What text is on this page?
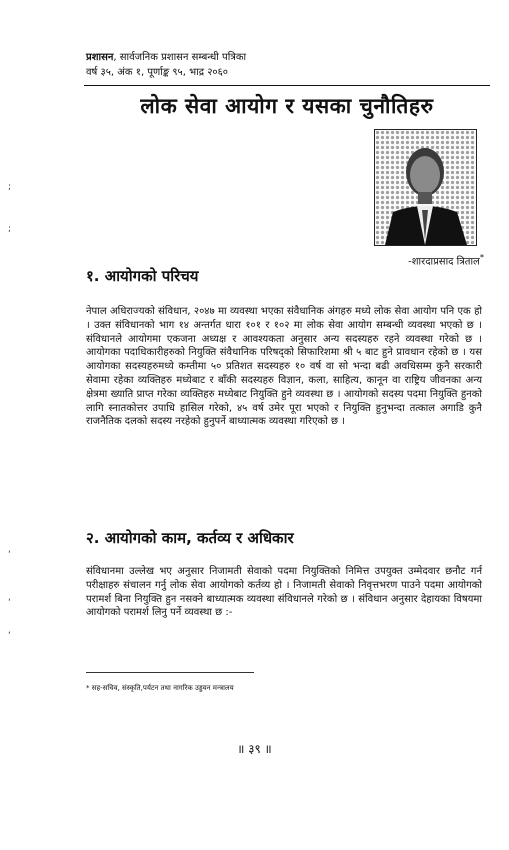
प्रशासन, सार्वजनिक प्रशासन सम्बन्धी पत्रिका
वर्ष ३५, अंक १, पूर्णाङ्क ९५, भाद्र २०६०
लोक सेवा आयोग र यसका चुनौतिहरु
-शारदाप्रसाद त्रिताल*
१. आयोगको परिचय

नेपाल अधिराज्यको संविधान, २०४७ मा व्यवस्था भएका संवैधानिक अंगहरु मध्ये लोक सेवा आयोग पनि एक हो । उक्त संविधानको भाग १४ अन्तर्गत धारा १०१ र १०२ मा लोक सेवा आयोग सम्बन्धी व्यवस्था भएको छ । संविधानले आयोगमा एकजना अध्यक्ष र आवश्यकता अनुसार अन्य सदस्यहरु रहने व्यवस्था गरेको छ । आयोगका पदाधिकारीहरुको नियुक्ति संवैधानिक परिषद्को सिफारिशमा श्री ५ बाट हुने प्रावधान रहेको छ । यस आयोगका सदस्यहरुमध्ये कम्तीमा ५० प्रतिशत सदस्यहरु १० वर्ष वा सो भन्दा बढी अवधिसम्म कुनै सरकारी सेवामा रहेका व्यक्तिहरु मध्येबाट र बाँकी सदस्यहरु विज्ञान, कला, साहित्य, कानून वा राष्ट्रिय जीवनका अन्य क्षेत्रमा ख्याति प्राप्त गरेका व्यक्तिहरु मध्येबाट नियुक्ति हुने व्यवस्था छ । आयोगको सदस्य पदमा नियुक्ति हुनको लागि स्नातकोत्तर उपाधि हासिल गरेको, ४५ वर्ष उमेर पूरा भएको र नियुक्ति हुनुभन्दा तत्काल अगाडि कुनै राजनैतिक दलको सदस्य नरहेको हुनुपर्ने बाध्यात्मक व्यवस्था गरिएको छ ।

२. आयोगको काम, कर्तव्य र अधिकार

संविधानमा उल्लेख भए अनुसार निजामती सेवाको पदमा नियुक्तिको निमित्त उपयुक्त उम्मेदवार छनौट गर्न परीक्षाहरु संचालन गर्नु लोक सेवा आयोगको कर्तव्य हो । निजामती सेवाको निवृत्तभरण पाउने पदमा आयोगको परामर्श बिना नियुक्ति हुन नसक्ने बाध्यात्मक व्यवस्था संविधानले गरेको छ । संविधान अनुसार देहायका विषयमा आयोगको परामर्श लिनु पर्ने व्यवस्था छ :-

* सह-सचिव, संस्कृति,पर्यटन तथा नागरिक उड्डयन मन्त्रालय
॥ ३९ ॥
;
;
‘
‘
‘
